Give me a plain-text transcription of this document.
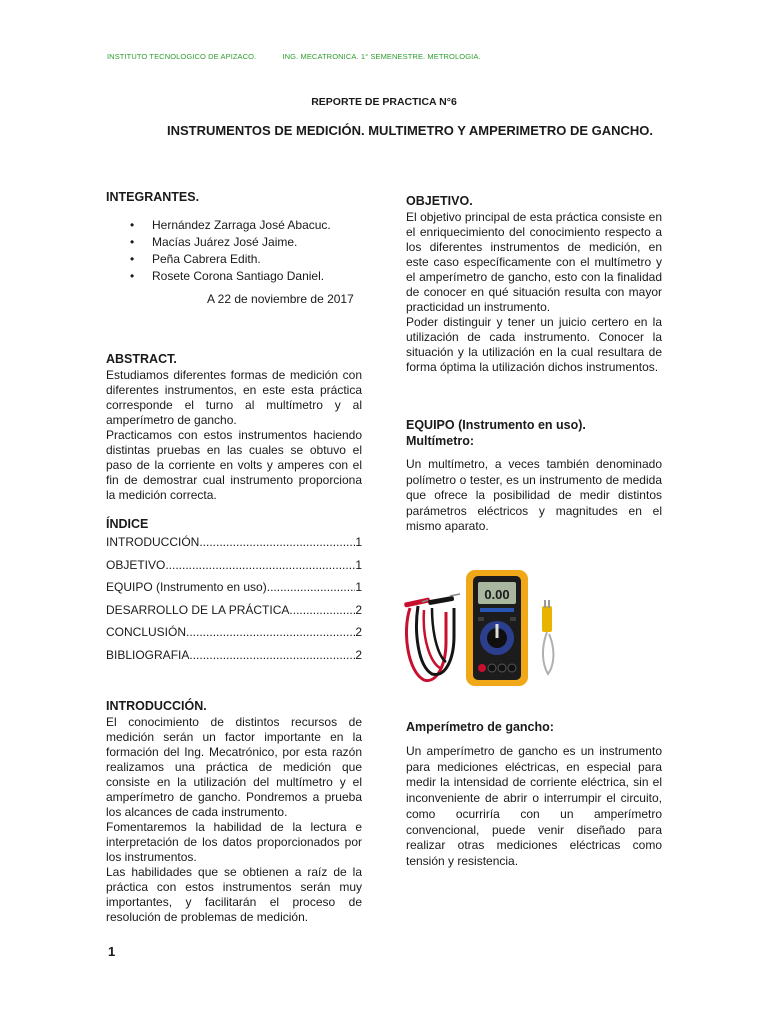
INSTITUTO TECNOLOGICO DE APIZACO.	ING. MECATRONICA. 1° SEMENESTRE. METROLOGIA.
REPORTE DE PRACTICA N°6
INSTRUMENTOS DE MEDICIÓN. MULTIMETRO Y AMPERIMETRO DE GANCHO.
INTEGRANTES.
• Hernández Zarraga José Abacuc.
• Macías Juárez José Jaime.
• Peña Cabrera Edith.
• Rosete Corona Santiago Daniel.
A 22 de noviembre de 2017
ABSTRACT.

Estudiamos diferentes formas de medición con diferentes instrumentos, en este esta práctica corresponde el turno al multímetro y al amperímetro de gancho.

Practicamos con estos instrumentos haciendo distintas pruebas en las cuales se obtuvo el paso de la corriente en volts y amperes con el fin de demostrar cual instrumento proporciona la medición correcta.

ÍNDICE
INTRODUCCIÓN .....	1
OBJETIVO .....	1
EQUIPO (Instrumento en uso). .....	1
DESARROLLO DE LA PRÁCTICA. .....	2
CONCLUSIÓN .....	2
BIBLIOGRAFIA .....	2
INTRODUCCIÓN.

El conocimiento de distintos recursos de medición serán un factor importante en la formación del Ing. Mecatrónico, por esta razón realizamos una práctica de medición que consiste en la utilización del multímetro y el amperímetro de gancho. Pondremos a prueba los alcances de cada instrumento.

Fomentaremos la habilidad de la lectura e interpretación de los datos proporcionados por los instrumentos.

Las habilidades que se obtienen a raíz de la práctica con estos instrumentos serán muy importantes, y facilitarán el proceso de resolución de problemas de medición.

OBJETIVO.

El objetivo principal de esta práctica consiste en el enriquecimiento del conocimiento respecto a los diferentes instrumentos de medición, en este caso específicamente con el multímetro y el amperímetro de gancho, esto con la finalidad de conocer en qué situación resulta con mayor practicidad un instrumento.

Poder distinguir y tener un juicio certero en la utilización de cada instrumento. Conocer la situación y la utilización en la cual resultara de forma óptima la utilización dichos instrumentos.

EQUIPO (Instrumento en uso).
Multímetro:

Un multímetro, a veces también denominado polímetro o tester, es un instrumento de medida que ofrece la posibilidad de medir distintos parámetros eléctricos y magnitudes en el mismo aparato.

0.00
Amperímetro de gancho:

Un amperímetro de gancho es un instrumento para mediciones eléctricas, en especial para medir la intensidad de corriente eléctrica, sin el inconveniente de abrir o interrumpir el circuito, como ocurriría con un amperímetro convencional, puede venir diseñado para realizar otras mediciones eléctricas como tensión y resistencia.

1
